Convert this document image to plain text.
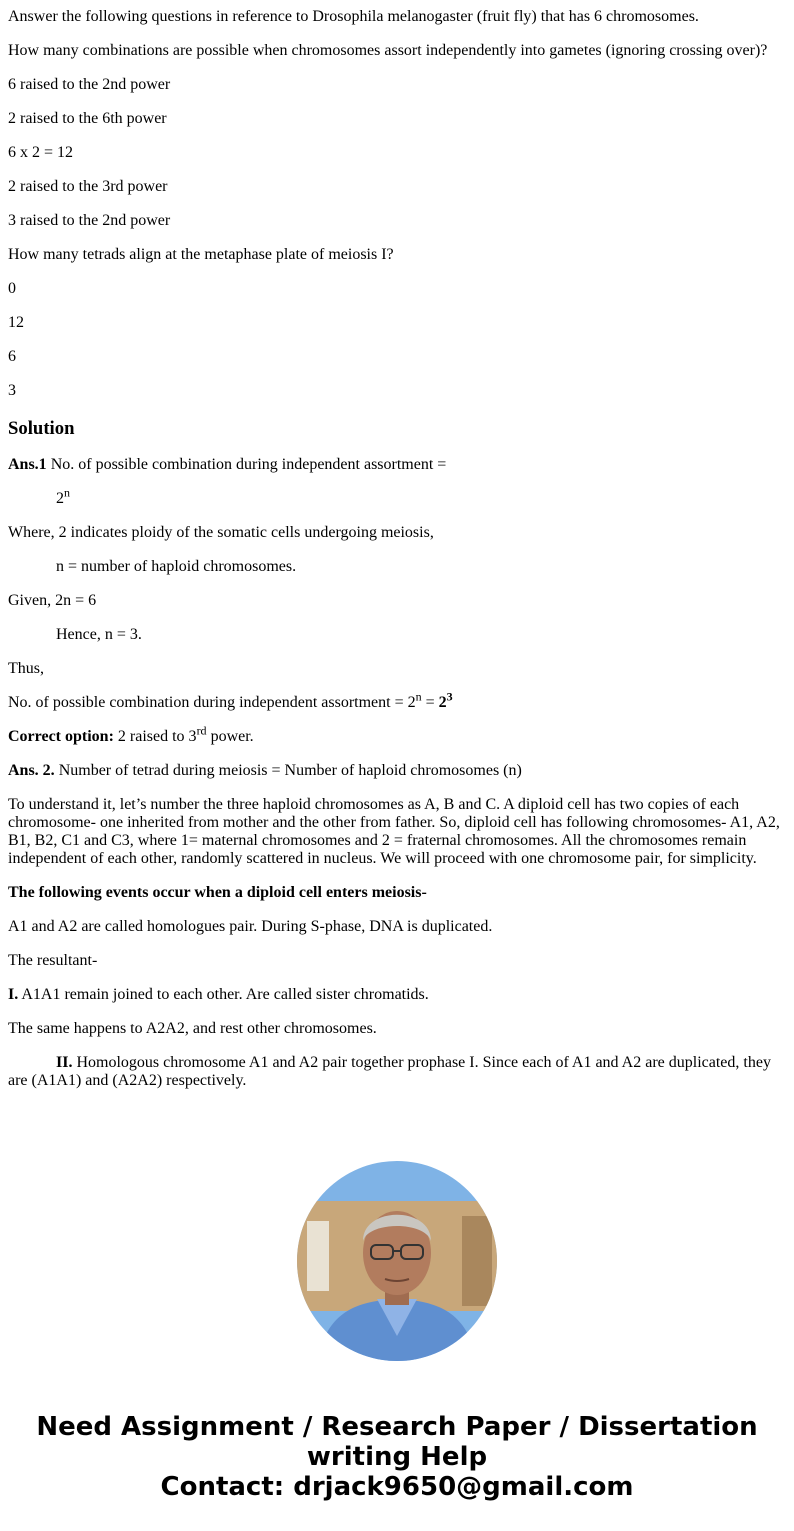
Answer the following questions in reference to Drosophila melanogaster (fruit fly) that has 6 chromosomes.

How many combinations are possible when chromosomes assort independently into gametes (ignoring crossing over)?

6 raised to the 2nd power

2 raised to the 6th power

6 x 2 = 12

2 raised to the 3rd power

3 raised to the 2nd power

How many tetrads align at the metaphase plate of meiosis I?

0

12

6

3

Solution

Ans.1 No. of possible combination during independent assortment =

2$^n$

Where, 2 indicates ploidy of the somatic cells undergoing meiosis,

n = number of haploid chromosomes.

Given, 2n = 6

Hence, n = 3.

Thus,

No. of possible combination during independent assortment = $2^n = 2^3$

Correct option: 2 raised to 3rd power.

Ans. 2. Number of tetrad during meiosis = Number of haploid chromosomes (n)

To understand it, let’s number the three haploid chromosomes as A, B and C. A diploid cell has two copies of each chromosome- one inherited from mother and the other from father. So, diploid cell has following chromosomes- A1, A2, B1, B2, C1 and C3, where 1= maternal chromosomes and 2 = fraternal chromosomes. All the chromosomes remain independent of each other, randomly scattered in nucleus. We will proceed with one chromosome pair, for simplicity.

The following events occur when a diploid cell enters meiosis-

A1 and A2 are called homologues pair. During S-phase, DNA is duplicated.

The resultant-

I. A1A1 remain joined to each other. Are called sister chromatids.

The same happens to A2A2, and rest other chromosomes.

II. Homologous chromosome A1 and A2 pair together prophase I. Since each of A1 and A2 are duplicated, they are (A1A1) and (A2A2) respectively.

Need Assignment / Research Paper / Dissertation
writing Help
Contact: drjack9650@gmail.com
